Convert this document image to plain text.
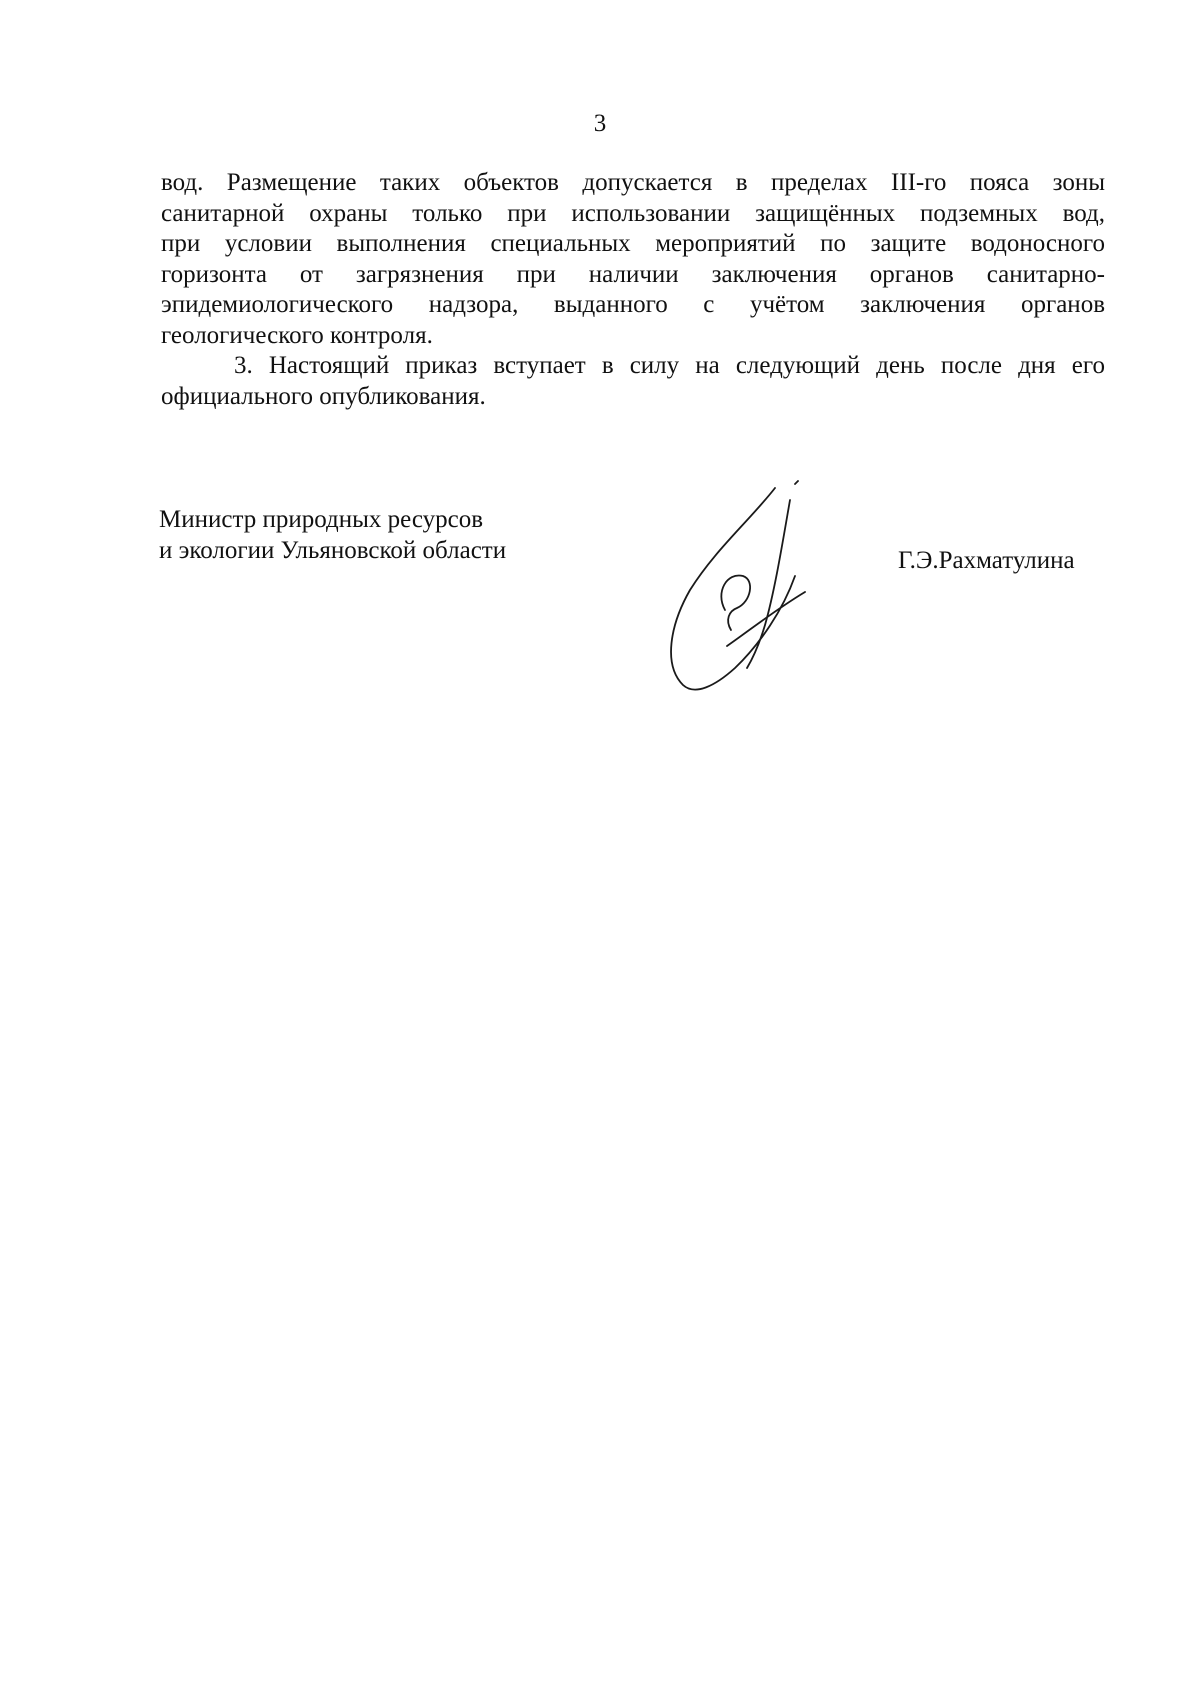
3
вод. Размещение таких объектов допускается в пределах III-го пояса зоны
санитарной охраны только при использовании защищённых подземных вод,
при условии выполнения специальных мероприятий по защите водоносного
горизонта от загрязнения при наличии заключения органов санитарно-
эпидемиологического надзора, выданного с учётом заключения органов
геологического контроля.
3. Настоящий приказ вступает в силу на следующий день после дня его
официального опубликования.
Министр природных ресурсов
и экологии Ульяновской области	Г.Э.Рахматулина
